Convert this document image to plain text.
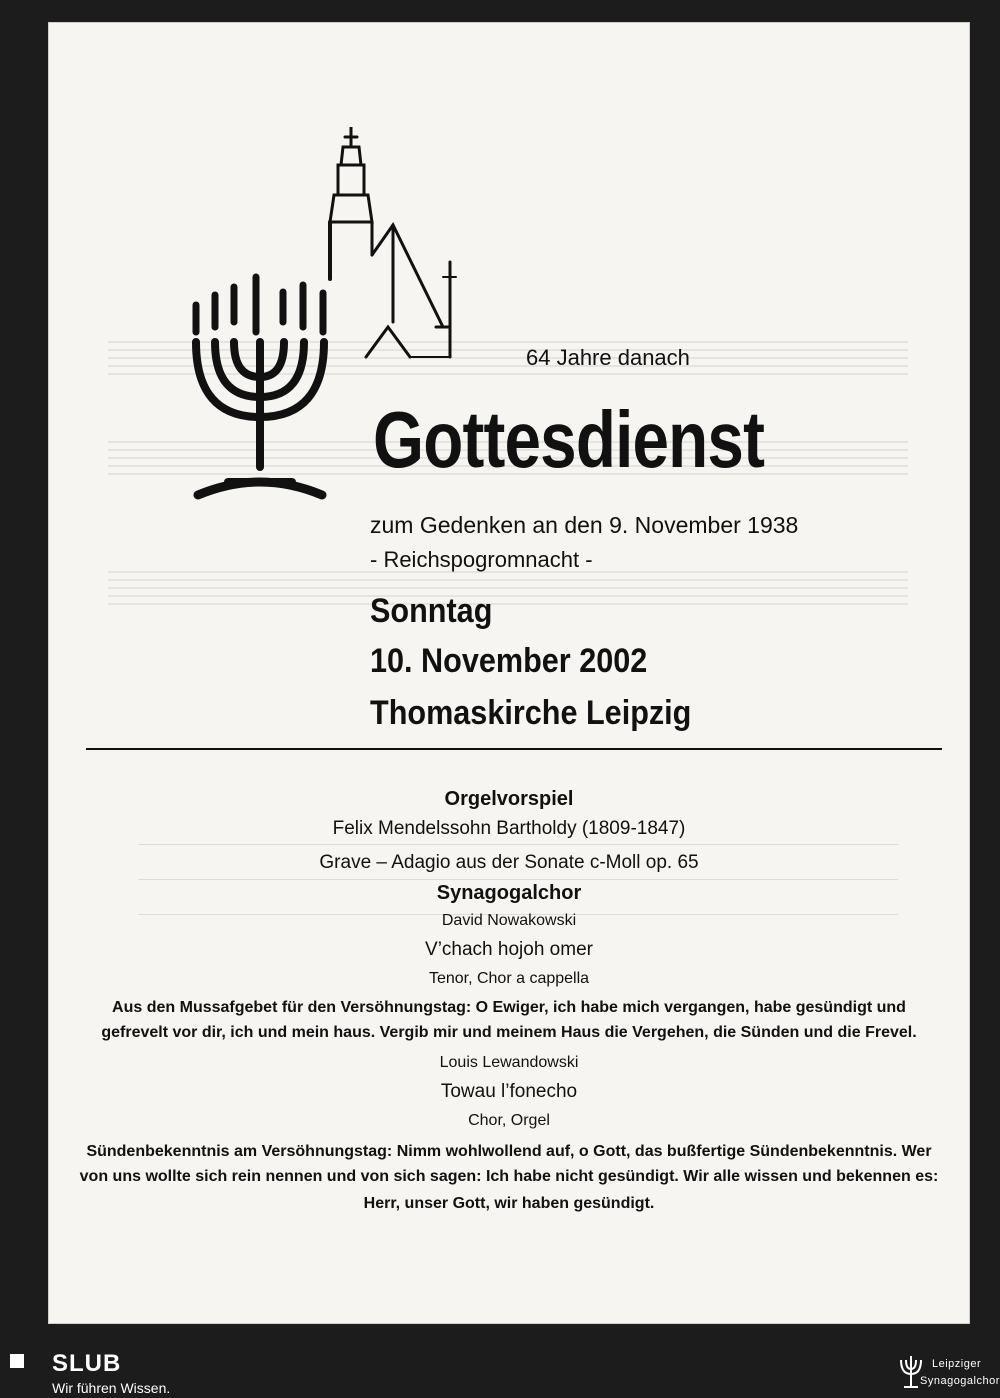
64 Jahre danach
Gottesdienst
zum Gedenken an den 9. November 1938
- Reichspogromnacht -
Sonntag
10. November 2002
Thomaskirche Leipzig
Orgelvorspiel
Felix Mendelssohn Bartholdy (1809-1847)
Grave – Adagio aus der Sonate c-Moll op. 65
Synagogalchor
David Nowakowski
V’chach hojoh omer
Tenor, Chor a cappella
Aus den Mussafgebet für den Versöhnungstag: O Ewiger, ich habe mich vergangen, habe gesündigt und
gefrevelt vor dir, ich und mein haus. Vergib mir und meinem Haus die Vergehen, die Sünden und die Frevel.
Louis Lewandowski
Towau l’fonecho
Chor, Orgel
Sündenbekenntnis am Versöhnungstag: Nimm wohlwollend auf, o Gott, das bußfertige Sündenbekenntnis. Wer
von uns wollte sich rein nennen und von sich sagen: Ich habe nicht gesündigt. Wir alle wissen und bekennen es:
Herr, unser Gott, wir haben gesündigt.
SLUB
Wir führen Wissen.
Leipziger
Synagogalchor
